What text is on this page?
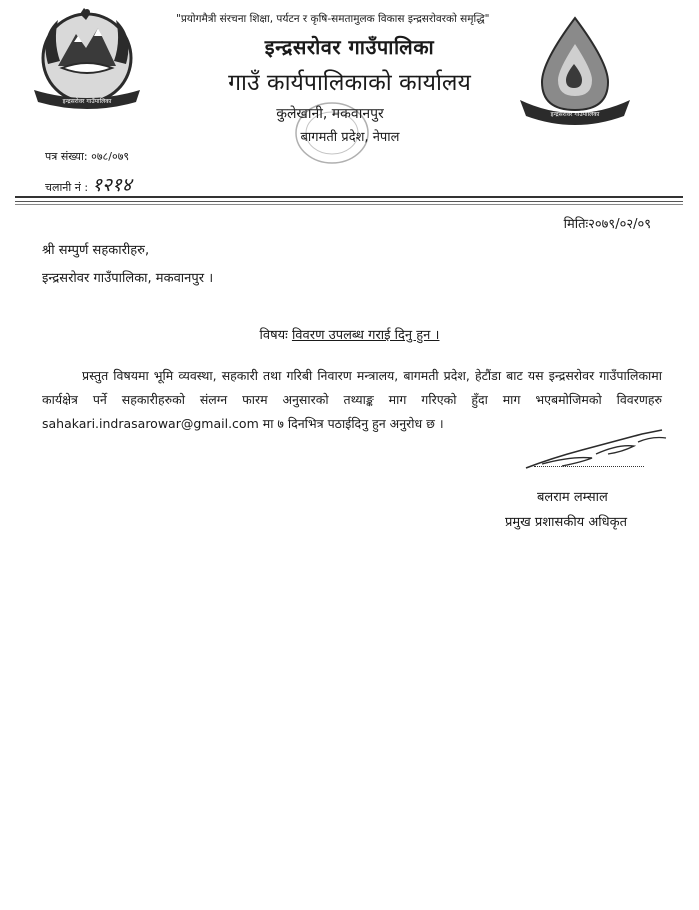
इन्द्रसरोवर गाउँपालिका
इन्द्रसरोवर गाउँपालिका
"प्रयोगमैत्री संरचना शिक्षा, पर्यटन र कृषि-समतामुलक विकास इन्द्रसरोवरको समृद्धि"
इन्द्रसरोवर गाउँपालिका
गाउँ कार्यपालिकाको कार्यालय
कुलेखानी, मकवानपुर
बागमती प्रदेश, नेपाल
पत्र संख्या: ०७८/०७९
चलानी नं : १२१४
मितिः२०७९/०२/०९
श्री सम्पुर्ण सहकारीहरु,
इन्द्रसरोवर गाउँपालिका, मकवानपुर ।
विषयः विवरण उपलब्ध गराई दिनु हुन ।
प्रस्तुत विषयमा भूमि व्यवस्था, सहकारी तथा गरिबी निवारण मन्त्रालय, बागमती प्रदेश, हेटौंडा बाट यस इन्द्रसरोवर गाउँपालिकामा कार्यक्षेत्र पर्ने सहकारीहरुको संलग्न फारम अनुसारको तथ्याङ्क माग गरिएको हुँदा माग भएबमोजिमको विवरणहरु sahakari.indrasarowar@gmail.com मा ७ दिनभित्र पठाईदिनु हुन अनुरोध छ ।
बलराम लम्साल
प्रमुख प्रशासकीय अधिकृत
